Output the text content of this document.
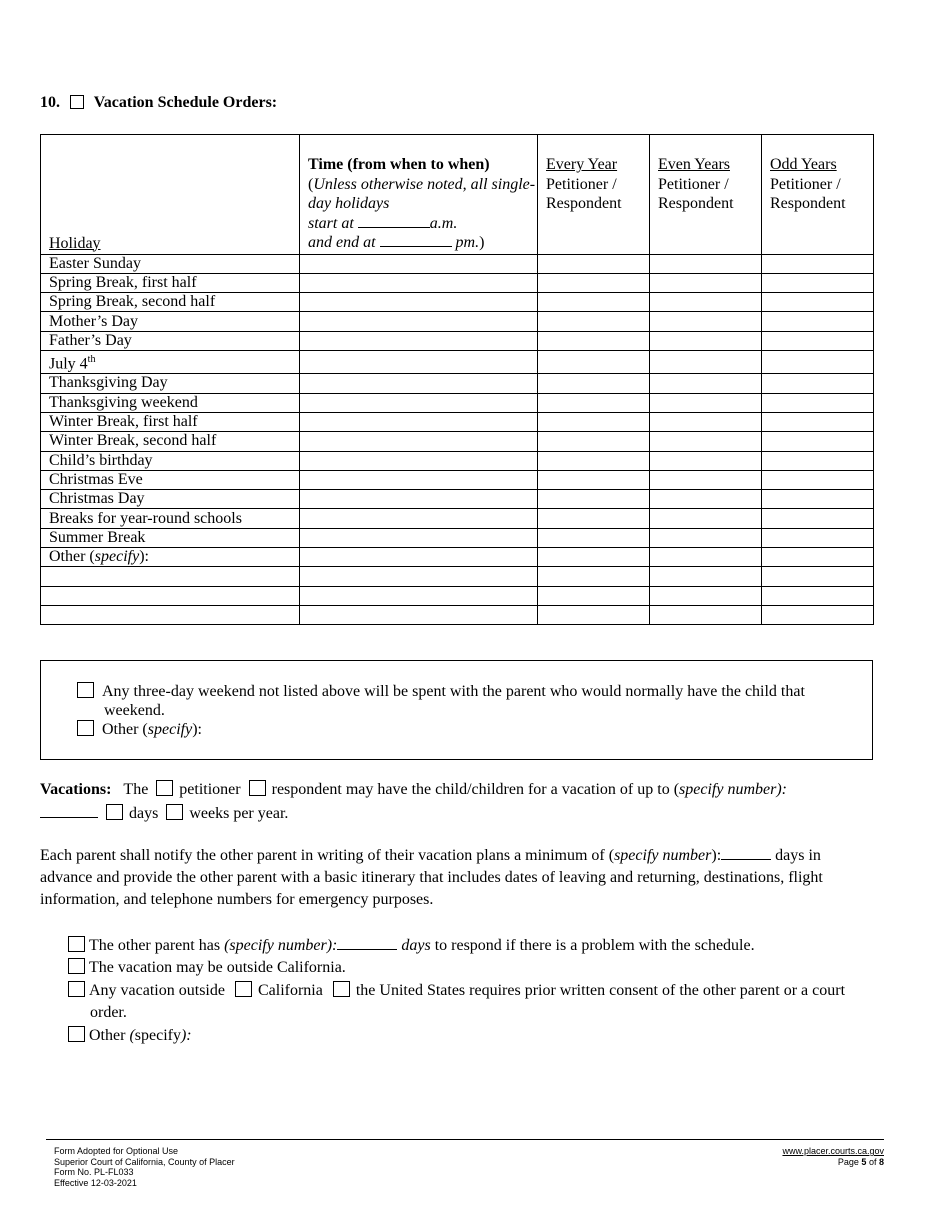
10. Vacation Schedule Orders:
Holiday	Time (from when to when)
(Unless otherwise noted, all single-day holidays
start at a.m.
and end at pm.)	Every Year
Petitioner /
Respondent	Even Years
Petitioner /
Respondent	Odd Years
Petitioner /
Respondent
Easter Sunday				
Spring Break, first half				
Spring Break, second half				
Mother’s Day				
Father’s Day				
July 4th				
Thanksgiving Day				
Thanksgiving weekend				
Winter Break, first half				
Winter Break, second half				
Child’s birthday				
Christmas Eve				
Christmas Day				
Breaks for year-round schools				
Summer Break				
Other (specify):				

Any three-day weekend not listed above will be spent with the parent who would normally have the child that
weekend.
Other (specify):
Vacations: The petitioner respondent may have the child/children for a vacation of up to (specify number):
days weeks per year.
Each parent shall notify the other parent in writing of their vacation plans a minimum of (specify number):	days in
advance and provide the other parent with a basic itinerary that includes dates of leaving and returning, destinations, flight
information, and telephone numbers for emergency purposes.
The other parent has (specify number):	days to respond if there is a problem with the schedule.
The vacation may be outside California.
Any vacation outside California the United States requires prior written consent of the other parent or a court
order.
Other (specify):
Form Adopted for Optional Use
Superior Court of California, County of Placer
Form No. PL-FL033
Effective 12-03-2021
www.placer.courts.ca.gov
Page 5 of 8
